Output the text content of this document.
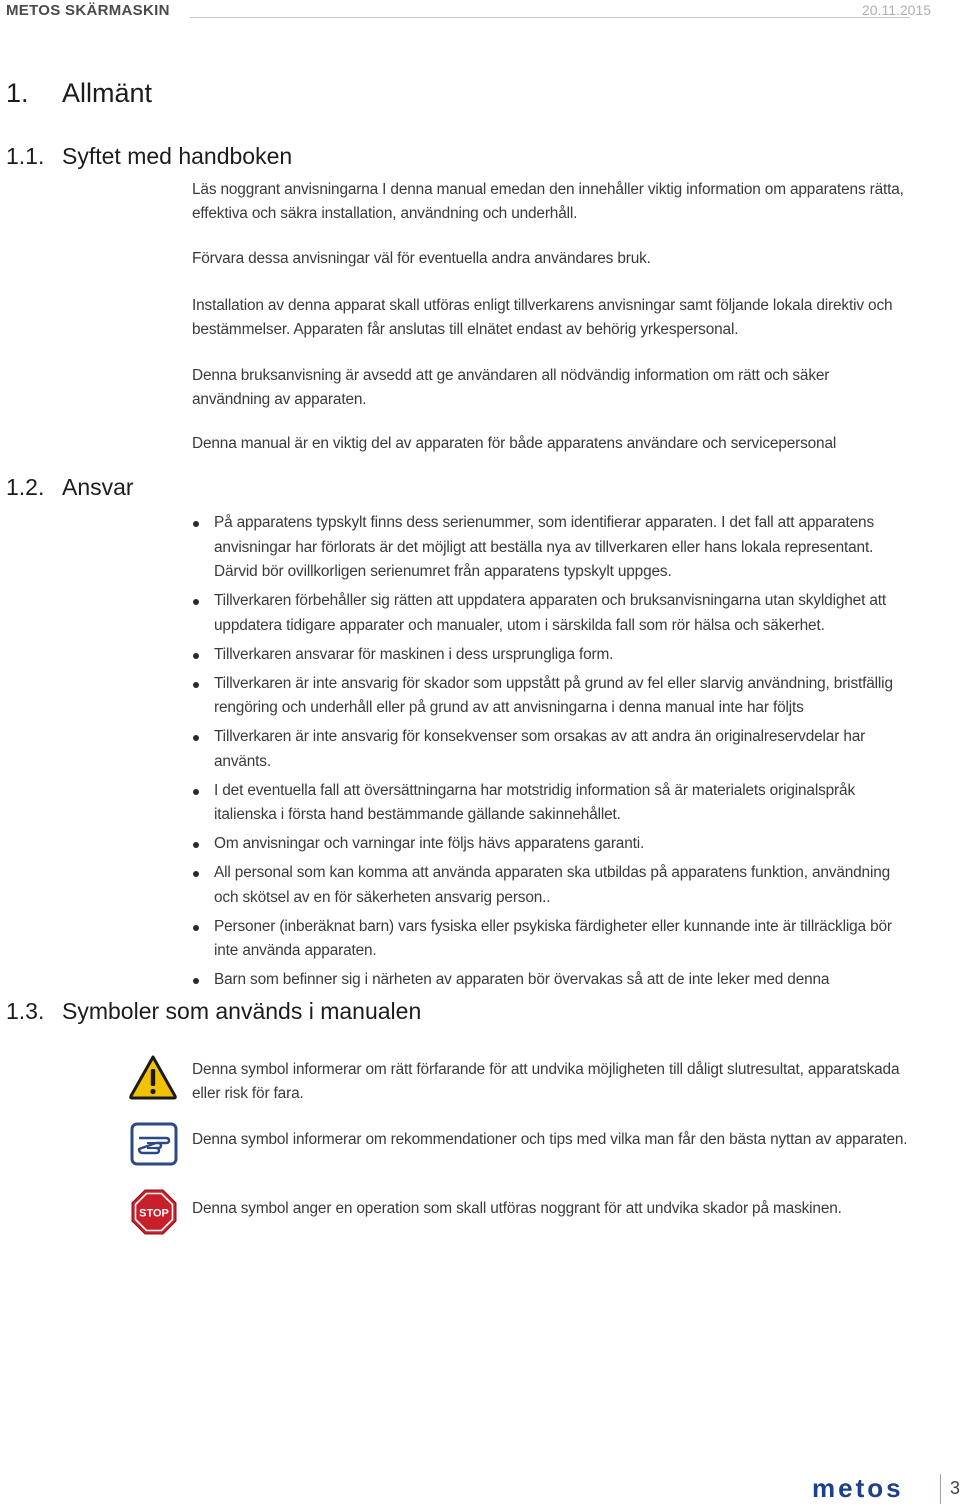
METOS SKÄRMASKIN	20.11.2015
1. Allmänt
1.1. Syftet med handboken
Läs noggrant anvisningarna I denna manual emedan den innehåller viktig information om apparatens rätta, effektiva och säkra installation, användning och underhåll.
Förvara dessa anvisningar väl för eventuella andra användares bruk.
Installation av denna apparat skall utföras enligt tillverkarens anvisningar samt följande lokala direktiv och bestämmelser. Apparaten får anslutas till elnätet endast av behörig yrkespersonal.
Denna bruksanvisning är avsedd att ge användaren all nödvändig information om rätt och säker användning av apparaten.
Denna manual är en viktig del av apparaten för både apparatens användare och servicepersonal
1.2. Ansvar
På apparatens typskylt finns dess serienummer, som identifierar apparaten. I det fall att apparatens anvisningar har förlorats är det möjligt att beställa nya av tillverkaren eller hans lokala representant. Därvid bör ovillkorligen serienumret från apparatens typskylt uppges.
Tillverkaren förbehåller sig rätten att uppdatera apparaten och bruksanvisningarna utan skyldighet att uppdatera tidigare apparater och manualer, utom i särskilda fall som rör hälsa och säkerhet.
Tillverkaren ansvarar för maskinen i dess ursprungliga form.
Tillverkaren är inte ansvarig för skador som uppstått på grund av fel eller slarvig användning, bristfällig rengöring och underhåll eller på grund av att anvisningarna i denna manual inte har följts
Tillverkaren är inte ansvarig för konsekvenser som orsakas av att andra än originalreservdelar har använts.
I det eventuella fall att översättningarna har motstridig information så är materialets originalspråk italienska i första hand bestämmande gällande sakinnehållet.
Om anvisningar och varningar inte följs hävs apparatens garanti.
All personal som kan komma att använda apparaten ska utbildas på apparatens funktion, användning och skötsel av en för säkerheten ansvarig person..
Personer (inberäknat barn) vars fysiska eller psykiska färdigheter eller kunnande inte är tillräckliga bör inte använda apparaten.
Barn som befinner sig i närheten av apparaten bör övervakas så att de inte leker med denna
1.3. Symboler som används i manualen
Denna symbol informerar om rätt förfarande för att undvika möjligheten till dåligt slutresultat, apparatskada eller risk för fara.
Denna symbol informerar om rekommendationer och tips med vilka man får den bästa nyttan av apparaten.
STOP Denna symbol anger en operation som skall utföras noggrant för att undvika skador på maskinen.
metos	3
